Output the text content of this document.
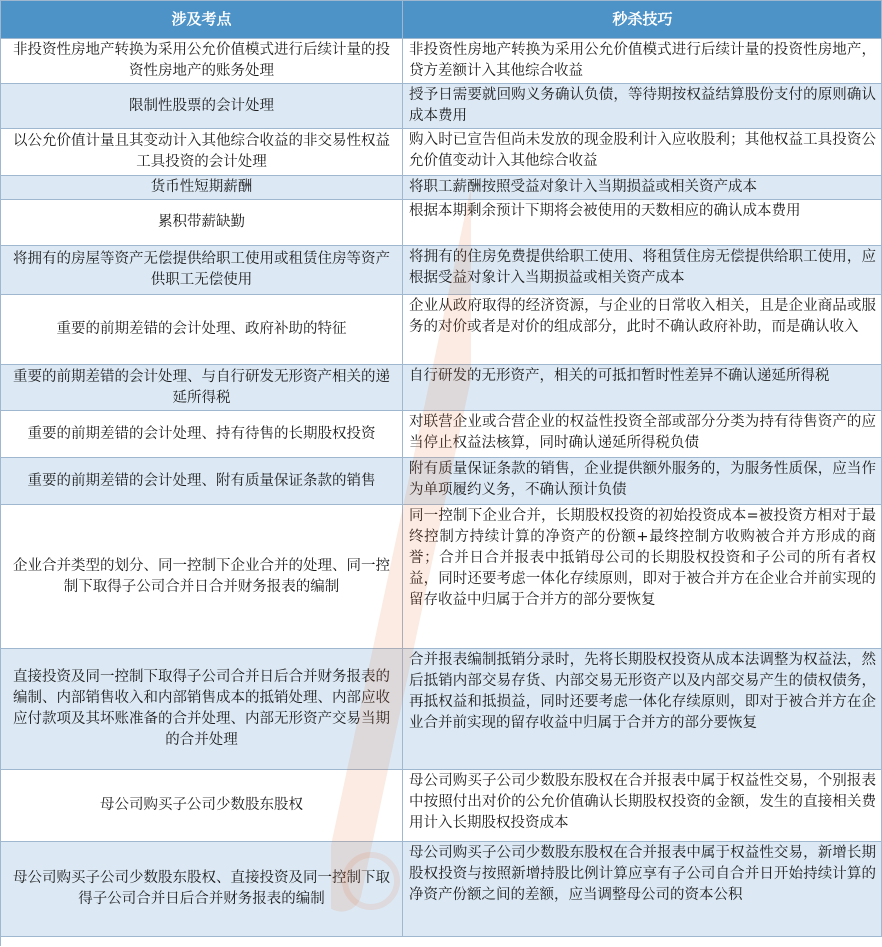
涉及考点	秒杀技巧
非投资性房地产转换为采用公允价值模式进行后续计量的投资性房地产的账务处理
非投资性房地产转换为采用公允价值模式进行后续计量的投资性房地产，贷方差额计入其他综合收益
限制性股票的会计处理
授予日需要就回购义务确认负债，等待期按权益结算股份支付的原则确认成本费用
以公允价值计量且其变动计入其他综合收益的非交易性权益工具投资的会计处理
购入时已宣告但尚未发放的现金股利计入应收股利；其他权益工具投资公允价值变动计入其他综合收益
货币性短期薪酬	将职工薪酬按照受益对象计入当期损益或相关资产成本
累积带薪缺勤
根据本期剩余预计下期将会被使用的天数相应的确认成本费用
将拥有的房屋等资产无偿提供给职工使用或租赁住房等资产供职工无偿使用
将拥有的住房免费提供给职工使用、将租赁住房无偿提供给职工使用，应根据受益对象计入当期损益或相关资产成本
重要的前期差错的会计处理、政府补助的特征
企业从政府取得的经济资源，与企业的日常收入相关，且是企业商品或服务的对价或者是对价的组成部分，此时不确认政府补助，而是确认收入
重要的前期差错的会计处理、与自行研发无形资产相关的递延所得税
自行研发的无形资产，相关的可抵扣暂时性差异不确认递延所得税
重要的前期差错的会计处理、持有待售的长期股权投资
对联营企业或合营企业的权益性投资全部或部分分类为持有待售资产的应当停止权益法核算，同时确认递延所得税负债
重要的前期差错的会计处理、附有质量保证条款的销售
附有质量保证条款的销售，企业提供额外服务的，为服务性质保，应当作为单项履约义务，不确认预计负债
企业合并类型的划分、同一控制下企业合并的处理、同一控制下取得子公司合并日合并财务报表的编制
同一控制下企业合并，长期股权投资的初始投资成本=被投资方相对于最终控制方持续计算的净资产的份额+最终控制方收购被合并方形成的商誉；合并日合并报表中抵销母公司的长期股权投资和子公司的所有者权益，同时还要考虑一体化存续原则，即对于被合并方在企业合并前实现的留存收益中归属于合并方的部分要恢复
直接投资及同一控制下取得子公司合并日后合并财务报表的编制、内部销售收入和内部销售成本的抵销处理、内部应收应付款项及其坏账准备的合并处理、内部无形资产交易当期的合并处理
合并报表编制抵销分录时，先将长期股权投资从成本法调整为权益法，然后抵销内部交易存货、内部交易无形资产以及内部交易产生的债权债务，再抵权益和抵损益，同时还要考虑一体化存续原则，即对于被合并方在企业合并前实现的留存收益中归属于合并方的部分要恢复
母公司购买子公司少数股东股权
母公司购买子公司少数股东股权在合并报表中属于权益性交易，个别报表中按照付出对价的公允价值确认长期股权投资的金额，发生的直接相关费用计入长期股权投资成本
母公司购买子公司少数股东股权、直接投资及同一控制下取得子公司合并日后合并财务报表的编制
母公司购买子公司少数股东股权在合并报表中属于权益性交易，新增长期股权投资与按照新增持股比例计算应享有子公司自合并日开始持续计算的净资产份额之间的差额，应当调整母公司的资本公积
